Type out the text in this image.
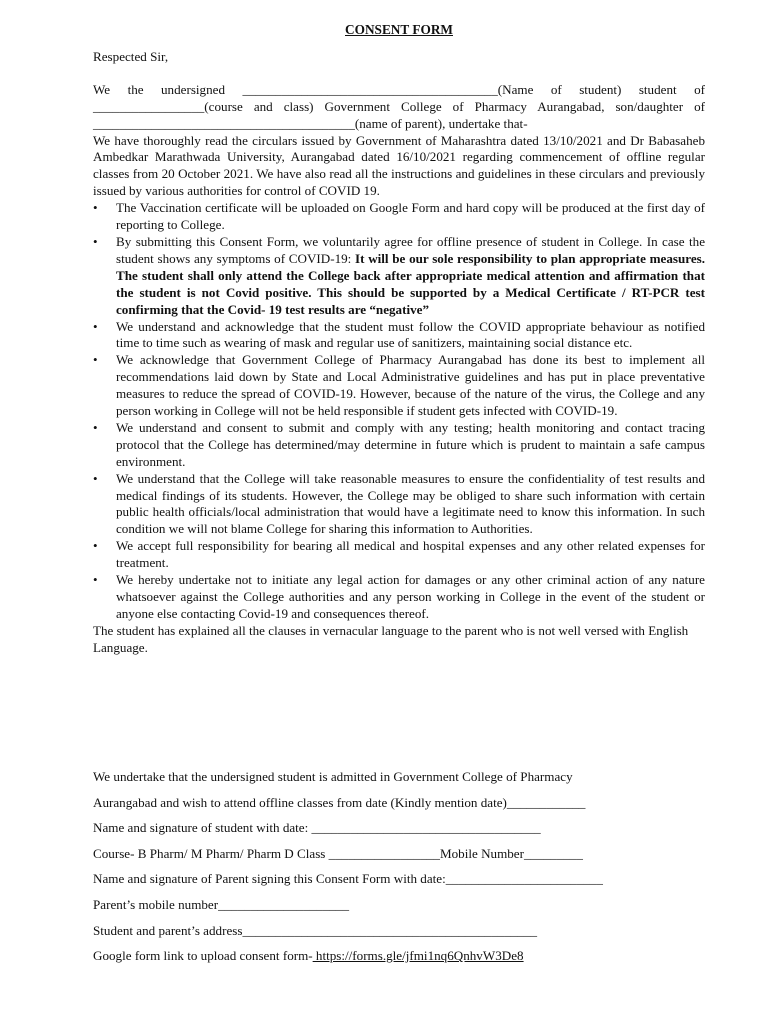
CONSENT FORM

Respected Sir,

We the undersigned _______________________________________(Name of student) student of _________________(course and class) Government College of Pharmacy Aurangabad, son/daughter of ________________________________________(name of parent), undertake that-

We have thoroughly read the circulars issued by Government of Maharashtra dated 13/10/2021 and Dr Babasaheb Ambedkar Marathwada University, Aurangabad dated 16/10/2021 regarding commencement of offline regular classes from 20 October 2021. We have also read all the instructions and guidelines in these circulars and previously issued by various authorities for control of COVID 19.

• The Vaccination certificate will be uploaded on Google Form and hard copy will be produced at the first day of reporting to College.
• By submitting this Consent Form, we voluntarily agree for offline presence of student in College. In case the student shows any symptoms of COVID-19: It will be our sole responsibility to plan appropriate measures. The student shall only attend the College back after appropriate medical attention and affirmation that the student is not Covid positive. This should be supported by a Medical Certificate / RT-PCR test confirming that the Covid- 19 test results are “negative”
• We understand and acknowledge that the student must follow the COVID appropriate behaviour as notified time to time such as wearing of mask and regular use of sanitizers, maintaining social distance etc.
• We acknowledge that Government College of Pharmacy Aurangabad has done its best to implement all recommendations laid down by State and Local Administrative guidelines and has put in place preventative measures to reduce the spread of COVID-19. However, because of the nature of the virus, the College and any person working in College will not be held responsible if student gets infected with COVID-19.
• We understand and consent to submit and comply with any testing; health monitoring and contact tracing protocol that the College has determined/may determine in future which is prudent to maintain a safe campus environment.
• We understand that the College will take reasonable measures to ensure the confidentiality of test results and medical findings of its students. However, the College may be obliged to share such information with certain public health officials/local administration that would have a legitimate need to know this information. In such condition we will not blame College for sharing this information to Authorities.
• We accept full responsibility for bearing all medical and hospital expenses and any other related expenses for treatment.
• We hereby undertake not to initiate any legal action for damages or any other criminal action of any nature whatsoever against the College authorities and any person working in College in the event of the student or anyone else contacting Covid-19 and consequences thereof.

The student has explained all the clauses in vernacular language to the parent who is not well versed with English Language.

We undertake that the undersigned student is admitted in Government College of Pharmacy

Aurangabad and wish to attend offline classes from date (Kindly mention date)____________

Name and signature of student with date: ___________________________________

Course- B Pharm/ M Pharm/ Pharm D Class _________________Mobile Number_________

Name and signature of Parent signing this Consent Form with date:________________________

Parent’s mobile number____________________

Student and parent’s address_____________________________________________

Google form link to upload consent form- https://forms.gle/jfmi1nq6QnhvW3De8
